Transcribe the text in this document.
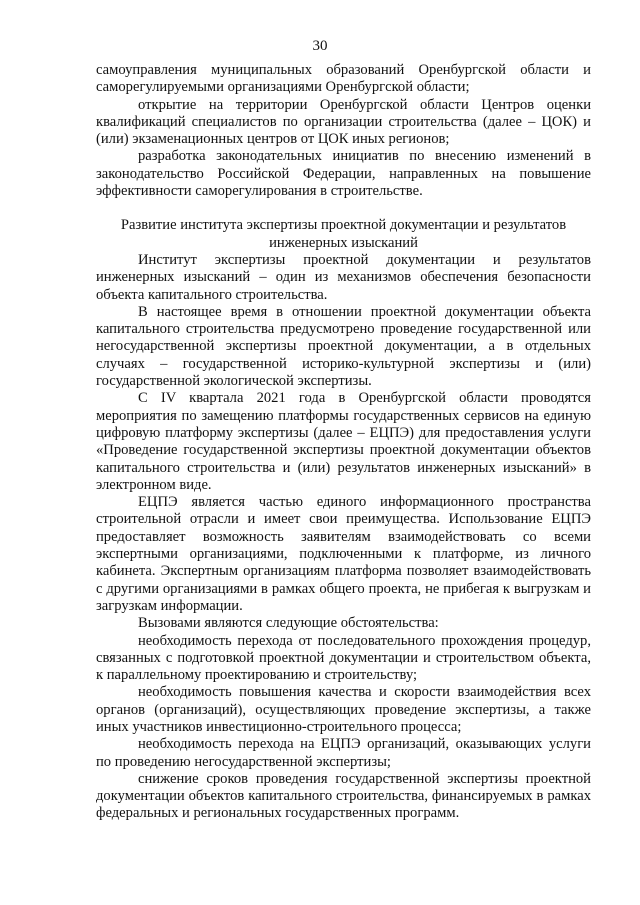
30

самоуправления муниципальных образований Оренбургской области и саморегулируемыми организациями Оренбургской области;

открытие на территории Оренбургской области Центров оценки квалификаций специалистов по организации строительства (далее – ЦОК) и (или) экзаменационных центров от ЦОК иных регионов;

разработка законодательных инициатив по внесению изменений в законодательство Российской Федерации, направленных на повышение эффективности саморегулирования в строительстве.

Развитие института экспертизы проектной документации и результатов
инженерных изысканий

Институт экспертизы проектной документации и результатов инженерных изысканий – один из механизмов обеспечения безопасности объекта капитального строительства.

В настоящее время в отношении проектной документации объекта капитального строительства предусмотрено проведение государственной или негосударственной экспертизы проектной документации, а в отдельных случаях – государственной историко-культурной экспертизы и (или) государственной экологической экспертизы.

С IV квартала 2021 года в Оренбургской области проводятся мероприятия по замещению платформы государственных сервисов на единую цифровую платформу экспертизы (далее – ЕЦПЭ) для предоставления услуги «Проведение государственной экспертизы проектной документации объектов капитального строительства и (или) результатов инженерных изысканий» в электронном виде.

ЕЦПЭ является частью единого информационного пространства строительной отрасли и имеет свои преимущества. Использование ЕЦПЭ предоставляет возможность заявителям взаимодействовать со всеми экспертными организациями, подключенными к платформе, из личного кабинета. Экспертным организациям платформа позволяет взаимодействовать с другими организациями в рамках общего проекта, не прибегая к выгрузкам и загрузкам информации.

Вызовами являются следующие обстоятельства:

необходимость перехода от последовательного прохождения процедур, связанных с подготовкой проектной документации и строительством объекта, к параллельному проектированию и строительству;

необходимость повышения качества и скорости взаимодействия всех органов (организаций), осуществляющих проведение экспертизы, а также иных участников инвестиционно-строительного процесса;

необходимость перехода на ЕЦПЭ организаций, оказывающих услуги по проведению негосударственной экспертизы;

снижение сроков проведения государственной экспертизы проектной документации объектов капитального строительства, финансируемых в рамках федеральных и региональных государственных программ.
